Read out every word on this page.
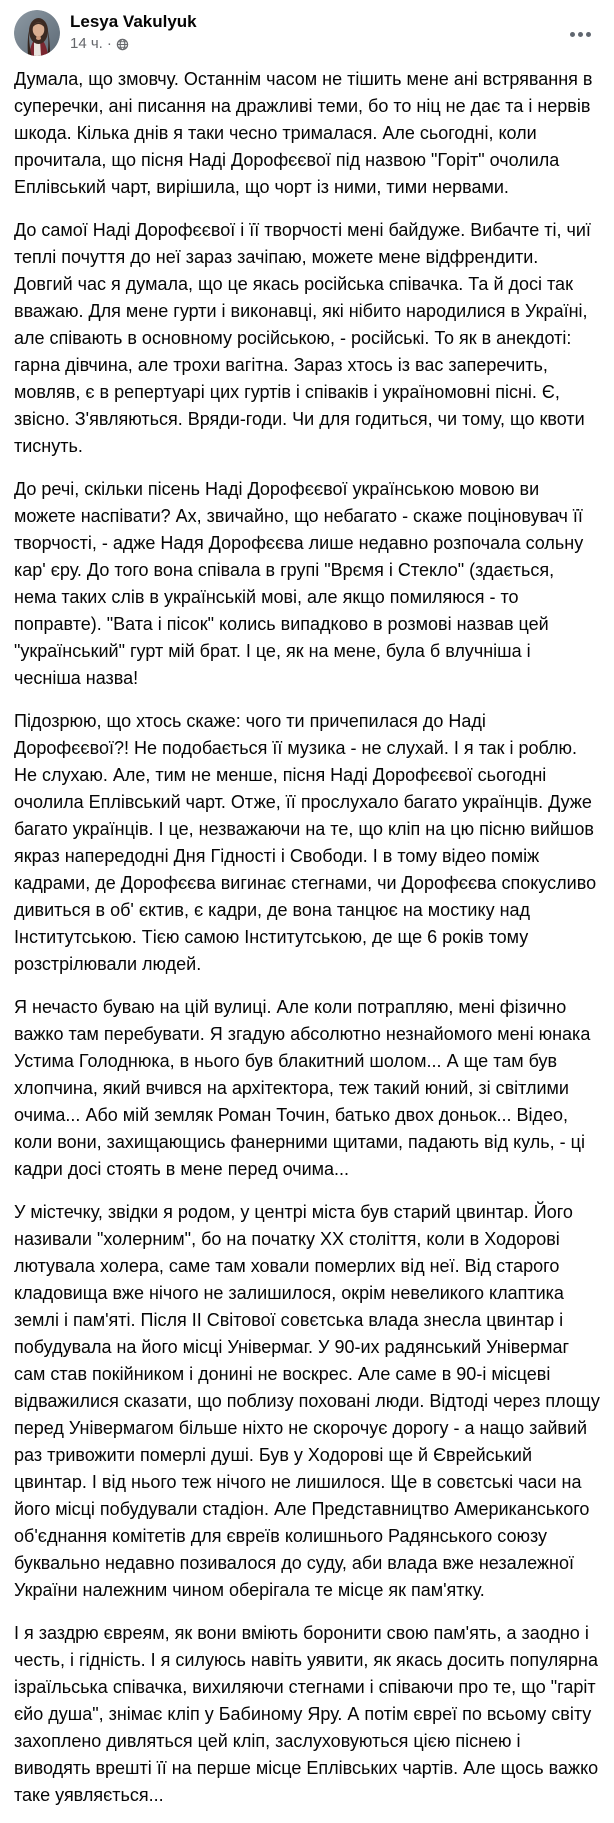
Lesya Vakulyuk
14 ч. ·

Думала, що змовчу. Останнім часом не тішить мене ані встрявання в суперечки, ані писання на дражливі теми, бо то ніц не дає та і нервів шкода. Кілька днів я таки чесно трималася. Але сьогодні, коли прочитала, що пісня Наді Дорофєєвої під назвою "Горіт" очолила Еплівський чарт, вирішила, що чорт із ними, тими нервами.

До самої Наді Дорофєєвої і її творчості мені байдуже. Вибачте ті, чиї теплі почуття до неї зараз зачіпаю, можете мене відфрендити. Довгий час я думала, що це якась російська співачка. Та й досі так вважаю. Для мене гурти і виконавці, які нібито народилися в Україні, але співають в основному російською, - російські. То як в анекдоті: гарна дівчина, але трохи вагітна. Зараз хтось із вас заперечить, мовляв, є в репертуарі цих гуртів і співаків і україномовні пісні. Є, звісно. З'являються. Вряди-годи. Чи для годиться, чи тому, що квоти тиснуть.

До речі, скільки пісень Наді Дорофєєвої українською мовою ви можете наспівати? Ах, звичайно, що небагато - скаже поціновувач її творчості, - адже Надя Дорофєєва лише недавно розпочала сольну кар' єру. До того вона співала в групі "Врємя і Стекло" (здається, нема таких слів в українській мові, але якщо помиляюся - то поправте). "Вата і пісок" колись випадково в розмові назвав цей "український" гурт мій брат. І це, як на мене, була б влучніша і чесніша назва!

Підозрюю, що хтось скаже: чого ти причепилася до Наді Дорофєєвої?! Не подобається її музика - не слухай. І я так і роблю. Не слухаю. Але, тим не менше, пісня Наді Дорофєєвої сьогодні очолила Еплівський чарт. Отже, її прослухало багато українців. Дуже багато українців. І це, незважаючи на те, що кліп на цю пісню вийшов якраз напередодні Дня Гідності і Свободи. І в тому відео поміж кадрами, де Дорофєєва вигинає стегнами, чи Дорофєєва спокусливо дивиться в об' єктив, є кадри, де вона танцює на мостику над Інститутською. Тією самою Інститутською, де ще 6 років тому розстрілювали людей.

Я нечасто буваю на цій вулиці. Але коли потрапляю, мені фізично важко там перебувати. Я згадую абсолютно незнайомого мені юнака Устима Голоднюка, в нього був блакитний шолом... А ще там був хлопчина, який вчився на архітектора, теж такий юний, зі світлими очима... Або мій земляк Роман Точин, батько двох доньок... Відео, коли вони, захищающись фанерними щитами, падають від куль, - ці кадри досі стоять в мене перед очима...

У містечку, звідки я родом, у центрі міста був старий цвинтар. Його називали "холерним", бо на початку XX століття, коли в Ходорові лютувала холера, саме там ховали померлих від неї. Від старого кладовища вже нічого не залишилося, окрім невеликого клаптика землі і пам'яті. Після II Світової совєтська влада знесла цвинтар і побудувала на його місці Універмаг. У 90-их радянський Універмаг сам став покійником і донині не воскрес. Але саме в 90-і місцеві відважилися сказати, що поблизу поховані люди. Відтоді через площу перед Універмагом більше ніхто не скорочує дорогу - а нащо зайвий раз тривожити померлі душі. Був у Ходорові ще й Єврейський цвинтар. І від нього теж нічого не лишилося. Ще в совєтські часи на його місці побудували стадіон. Але Представництво Американського об'єднання комітетів для євреїв колишнього Радянського союзу буквально недавно позивалося до суду, аби влада вже незалежної України належним чином оберігала те місце як пам'ятку.

І я заздрю євреям, як вони вміють боронити свою пам'ять, а заодно і честь, і гідність. І я силуюсь навіть уявити, як якась досить популярна ізраїльська співачка, вихиляючи стегнами і співаючи про те, що "гаріт єйо душа", знімає кліп у Бабиному Яру. А потім євреї по всьому світу захоплено дивляться цей кліп, заслуховуються цією піснею і виводять врешті її на перше місце Еплівських чартів. Але щось важко таке уявляється...
